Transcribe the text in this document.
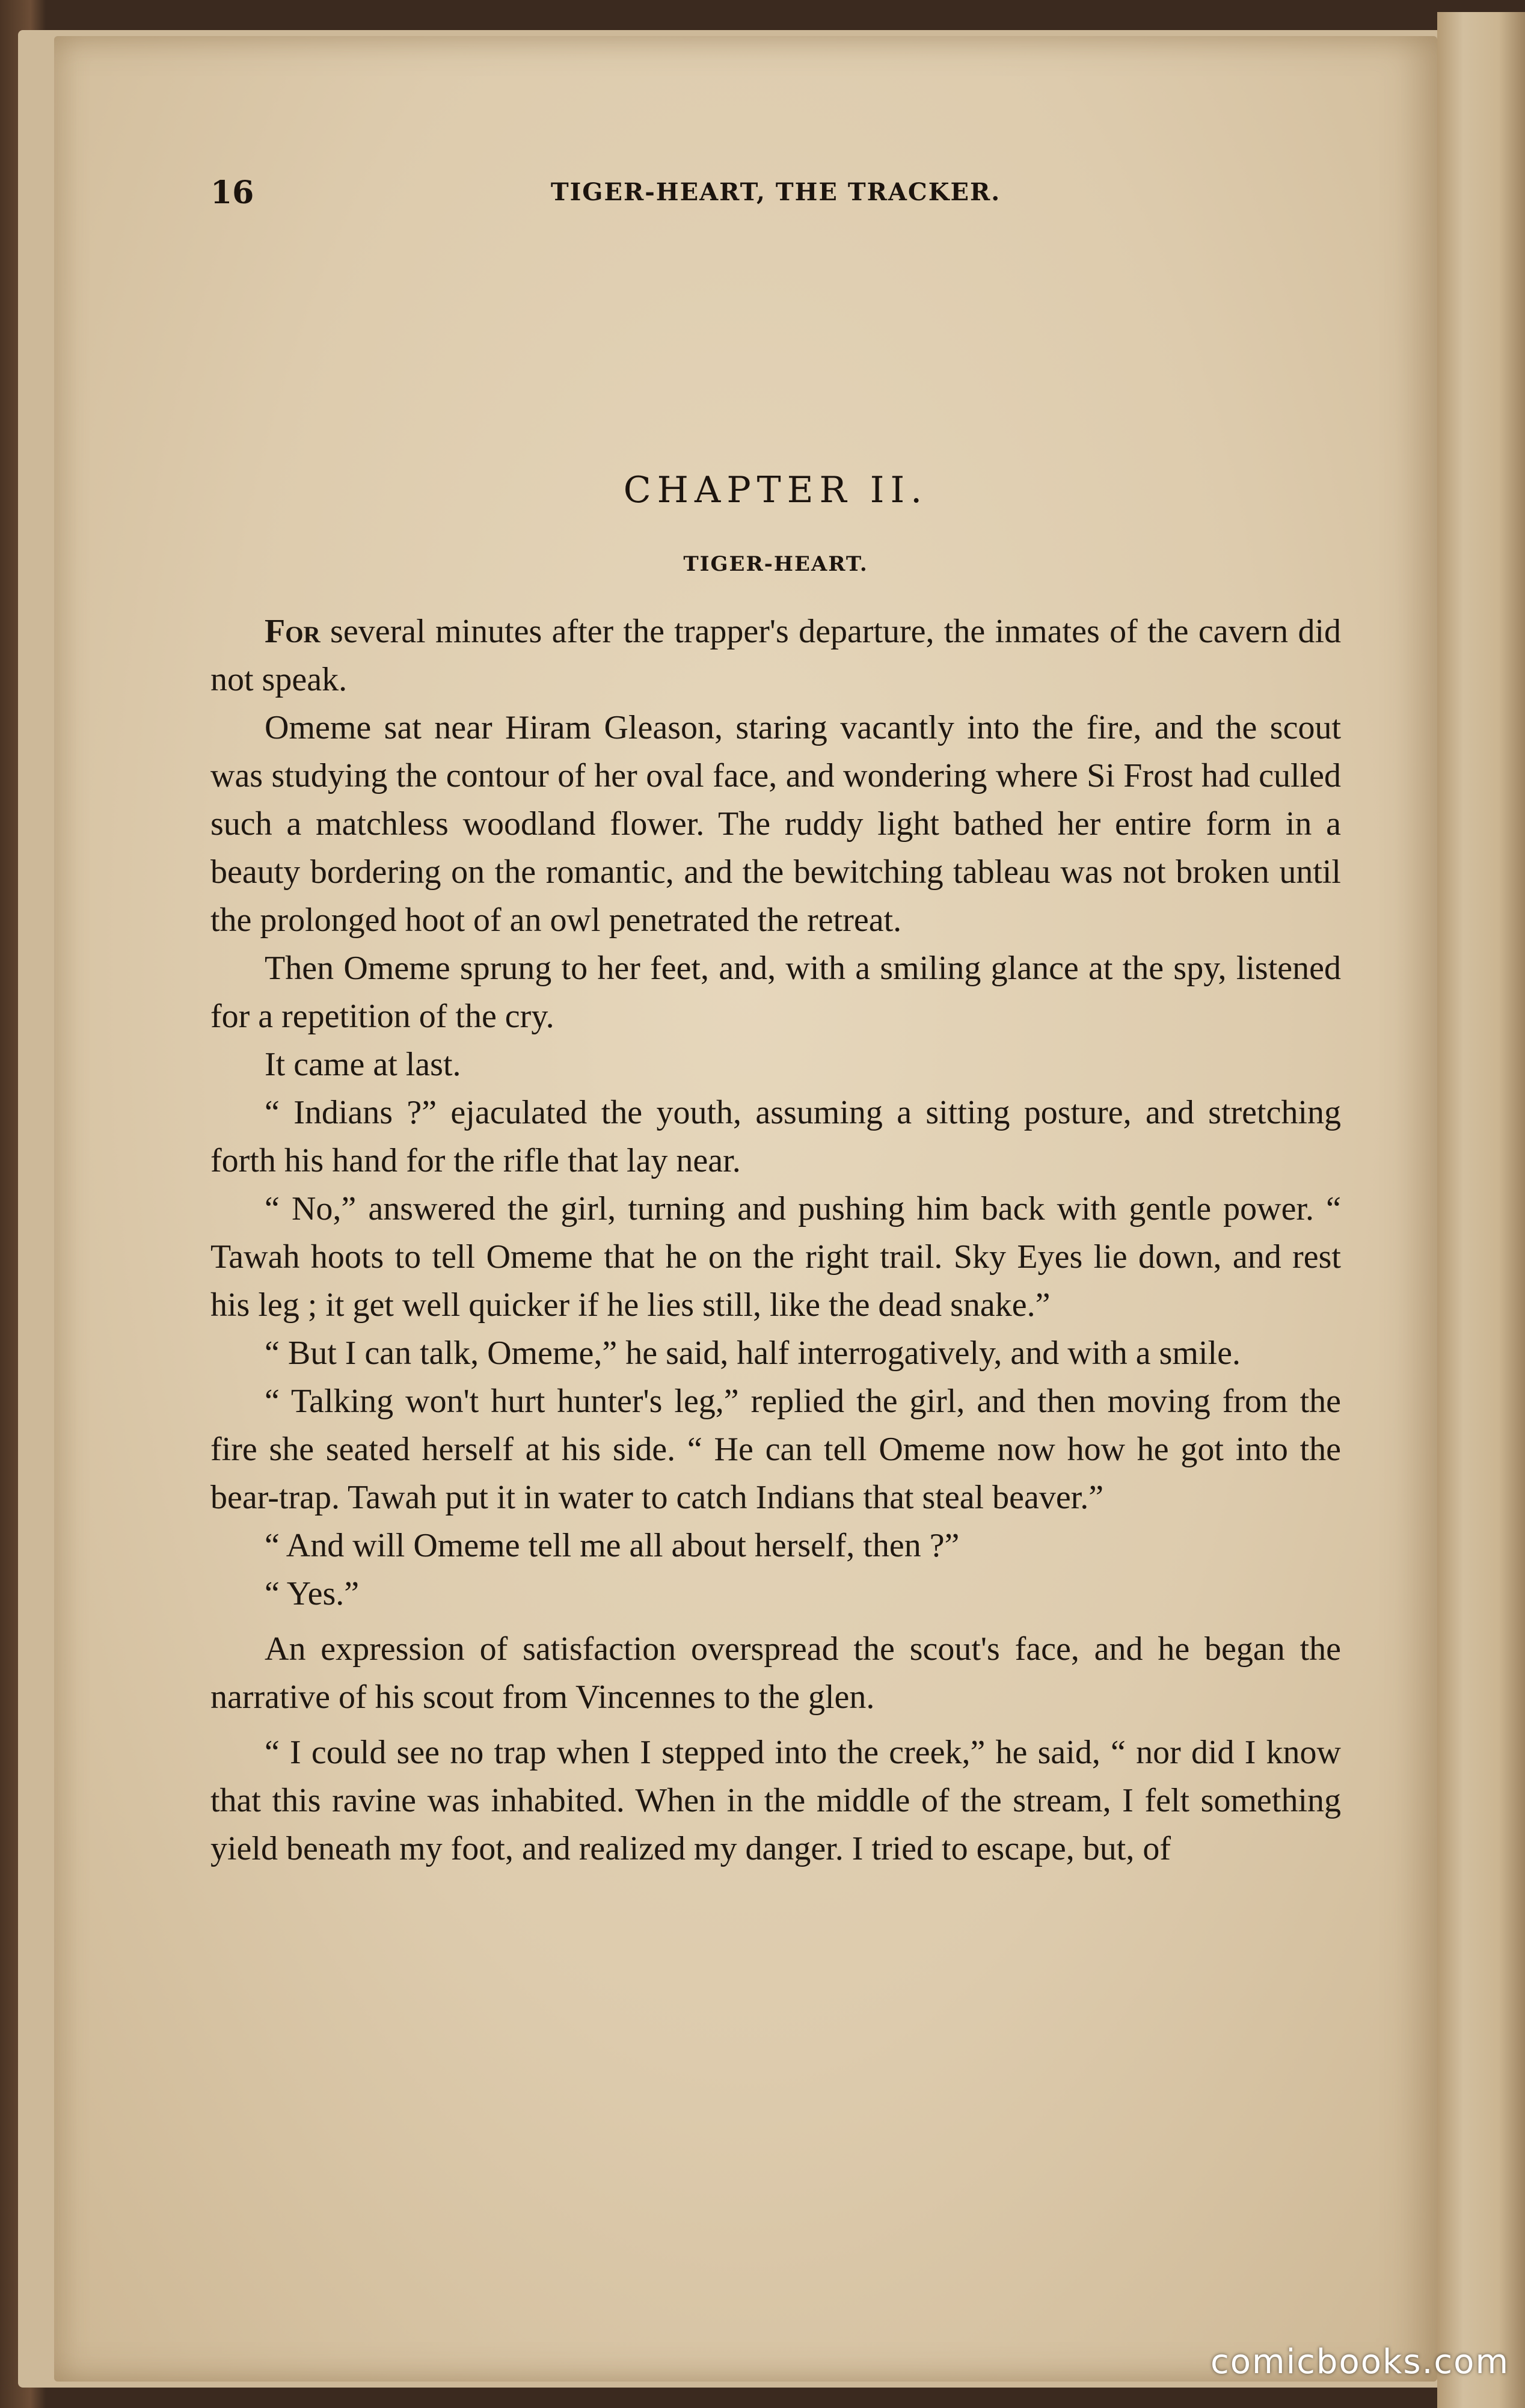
16	TIGER-HEART, THE TRACKER.
CHAPTER II.
TIGER-HEART.

For several minutes after the trapper's departure, the inmates of the cavern did not speak.

Omeme sat near Hiram Gleason, staring vacantly into the fire, and the scout was studying the contour of her oval face, and wondering where Si Frost had culled such a matchless woodland flower. The ruddy light bathed her entire form in a beauty bordering on the romantic, and the bewitching tableau was not broken until the prolonged hoot of an owl penetrated the retreat.

Then Omeme sprung to her feet, and, with a smiling glance at the spy, listened for a repetition of the cry.

It came at last.

“ Indians ?” ejaculated the youth, assuming a sitting posture, and stretching forth his hand for the rifle that lay near.

“ No,” answered the girl, turning and pushing him back with gentle power. “ Tawah hoots to tell Omeme that he on the right trail. Sky Eyes lie down, and rest his leg ; it get well quicker if he lies still, like the dead snake.”

“ But I can talk, Omeme,” he said, half interrogatively, and with a smile.

“ Talking won't hurt hunter's leg,” replied the girl, and then moving from the fire she seated herself at his side. “ He can tell Omeme now how he got into the bear-trap. Tawah put it in water to catch Indians that steal beaver.”

“ And will Omeme tell me all about herself, then ?”

“ Yes.”

An expression of satisfaction overspread the scout's face, and he began the narrative of his scout from Vincennes to the glen.

“ I could see no trap when I stepped into the creek,” he said, “ nor did I know that this ravine was inhabited. When in the middle of the stream, I felt something yield beneath my foot, and realized my danger. I tried to escape, but, of

comicbooks.com
